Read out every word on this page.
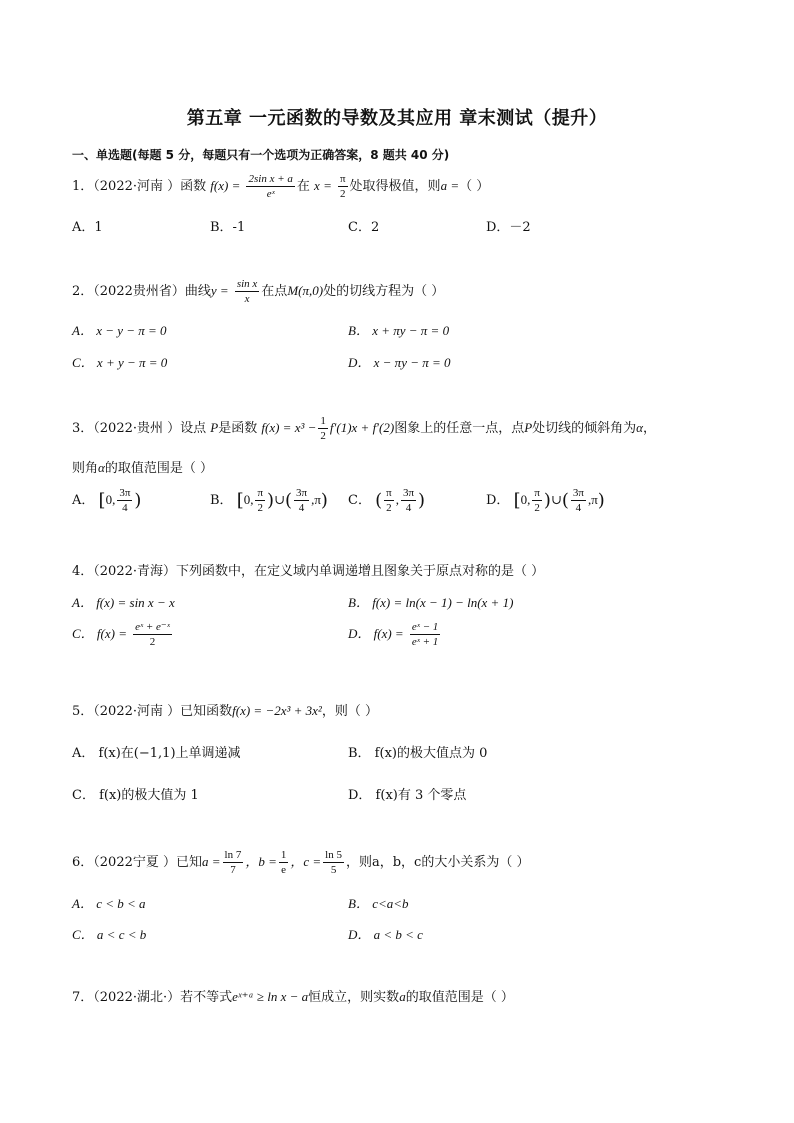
第五章 一元函数的导数及其应用 章末测试（提升）
一、单选题(每题 5 分，每题只有一个选项为正确答案，8 题共 40 分)
1．（2022·河南 ）函数 $f(x) = \frac{\text{2sin x + a}}{\text{eˣ}}$ 在 $x = \frac{\pi}{2}$ 处取得极值，则a =（ ）
A．1	B．-1	C．2	D．－2
2．（2022贵州省）曲线$y = \frac{\text{sin x}}{x}$ 在点M(π,0)处的切线方程为（ ）
A． x − y − π = 0	B． x + πy − π = 0
C． x + y − π = 0	D． x − πy − π = 0
3．（2022·贵州 ）设点 P是函数 $f(x) = x^3 - \frac{1}{2} f'(1)x + f'(2)$图象上的任意一点，点P处切线的倾斜角为α，
则角α的取值范围是（ ）
A． [0, $\frac{3\pi}{4}$ )	B． [0, $\frac{\pi}{2}$ )∪( $\frac{3\pi}{4} ,\pi$) C． ( $\frac{\pi}{2}$ , $\frac{3\pi}{4}$ )	D． [0, $\frac{\pi}{2}$ )∪( $\frac{3\pi}{4} ,\pi$)
4．（2022·青海）下列函数中，在定义域内单调递增且图象关于原点对称的是（ ）
A． f(x) = sin x − x	B． f(x) = ln(x − 1) − ln(x + 1)
C． $f(x) = \frac{\text{eˣ + e⁻ˣ}}{2}$	D． $f(x) = \frac{\text{eˣ − 1}}{\text{eˣ + 1}}$
5．（2022·河南 ）已知函数f(x) = −2x³ + 3x²，则（ ）
A． f(x)在(−1,1)上单调递减	B． f(x)的极大值点为 0
C． f(x)的极大值为 1	D． f(x)有 3 个零点
6．（2022宁夏 ）已知$a = \frac{\ln 7}{7}$ ，$b = \frac{1}{e}$ ，$c = \frac{\ln 5}{5}$ ，则a，b，c的大小关系为（ ）
A． c < b < a	B． c<a<b
C． a < c < b	D． a < b < c
7．（2022·湖北·）若不等式eˣ⁺ᵃ ≥ ln x − a恒成立，则实数a的取值范围是（ ）
